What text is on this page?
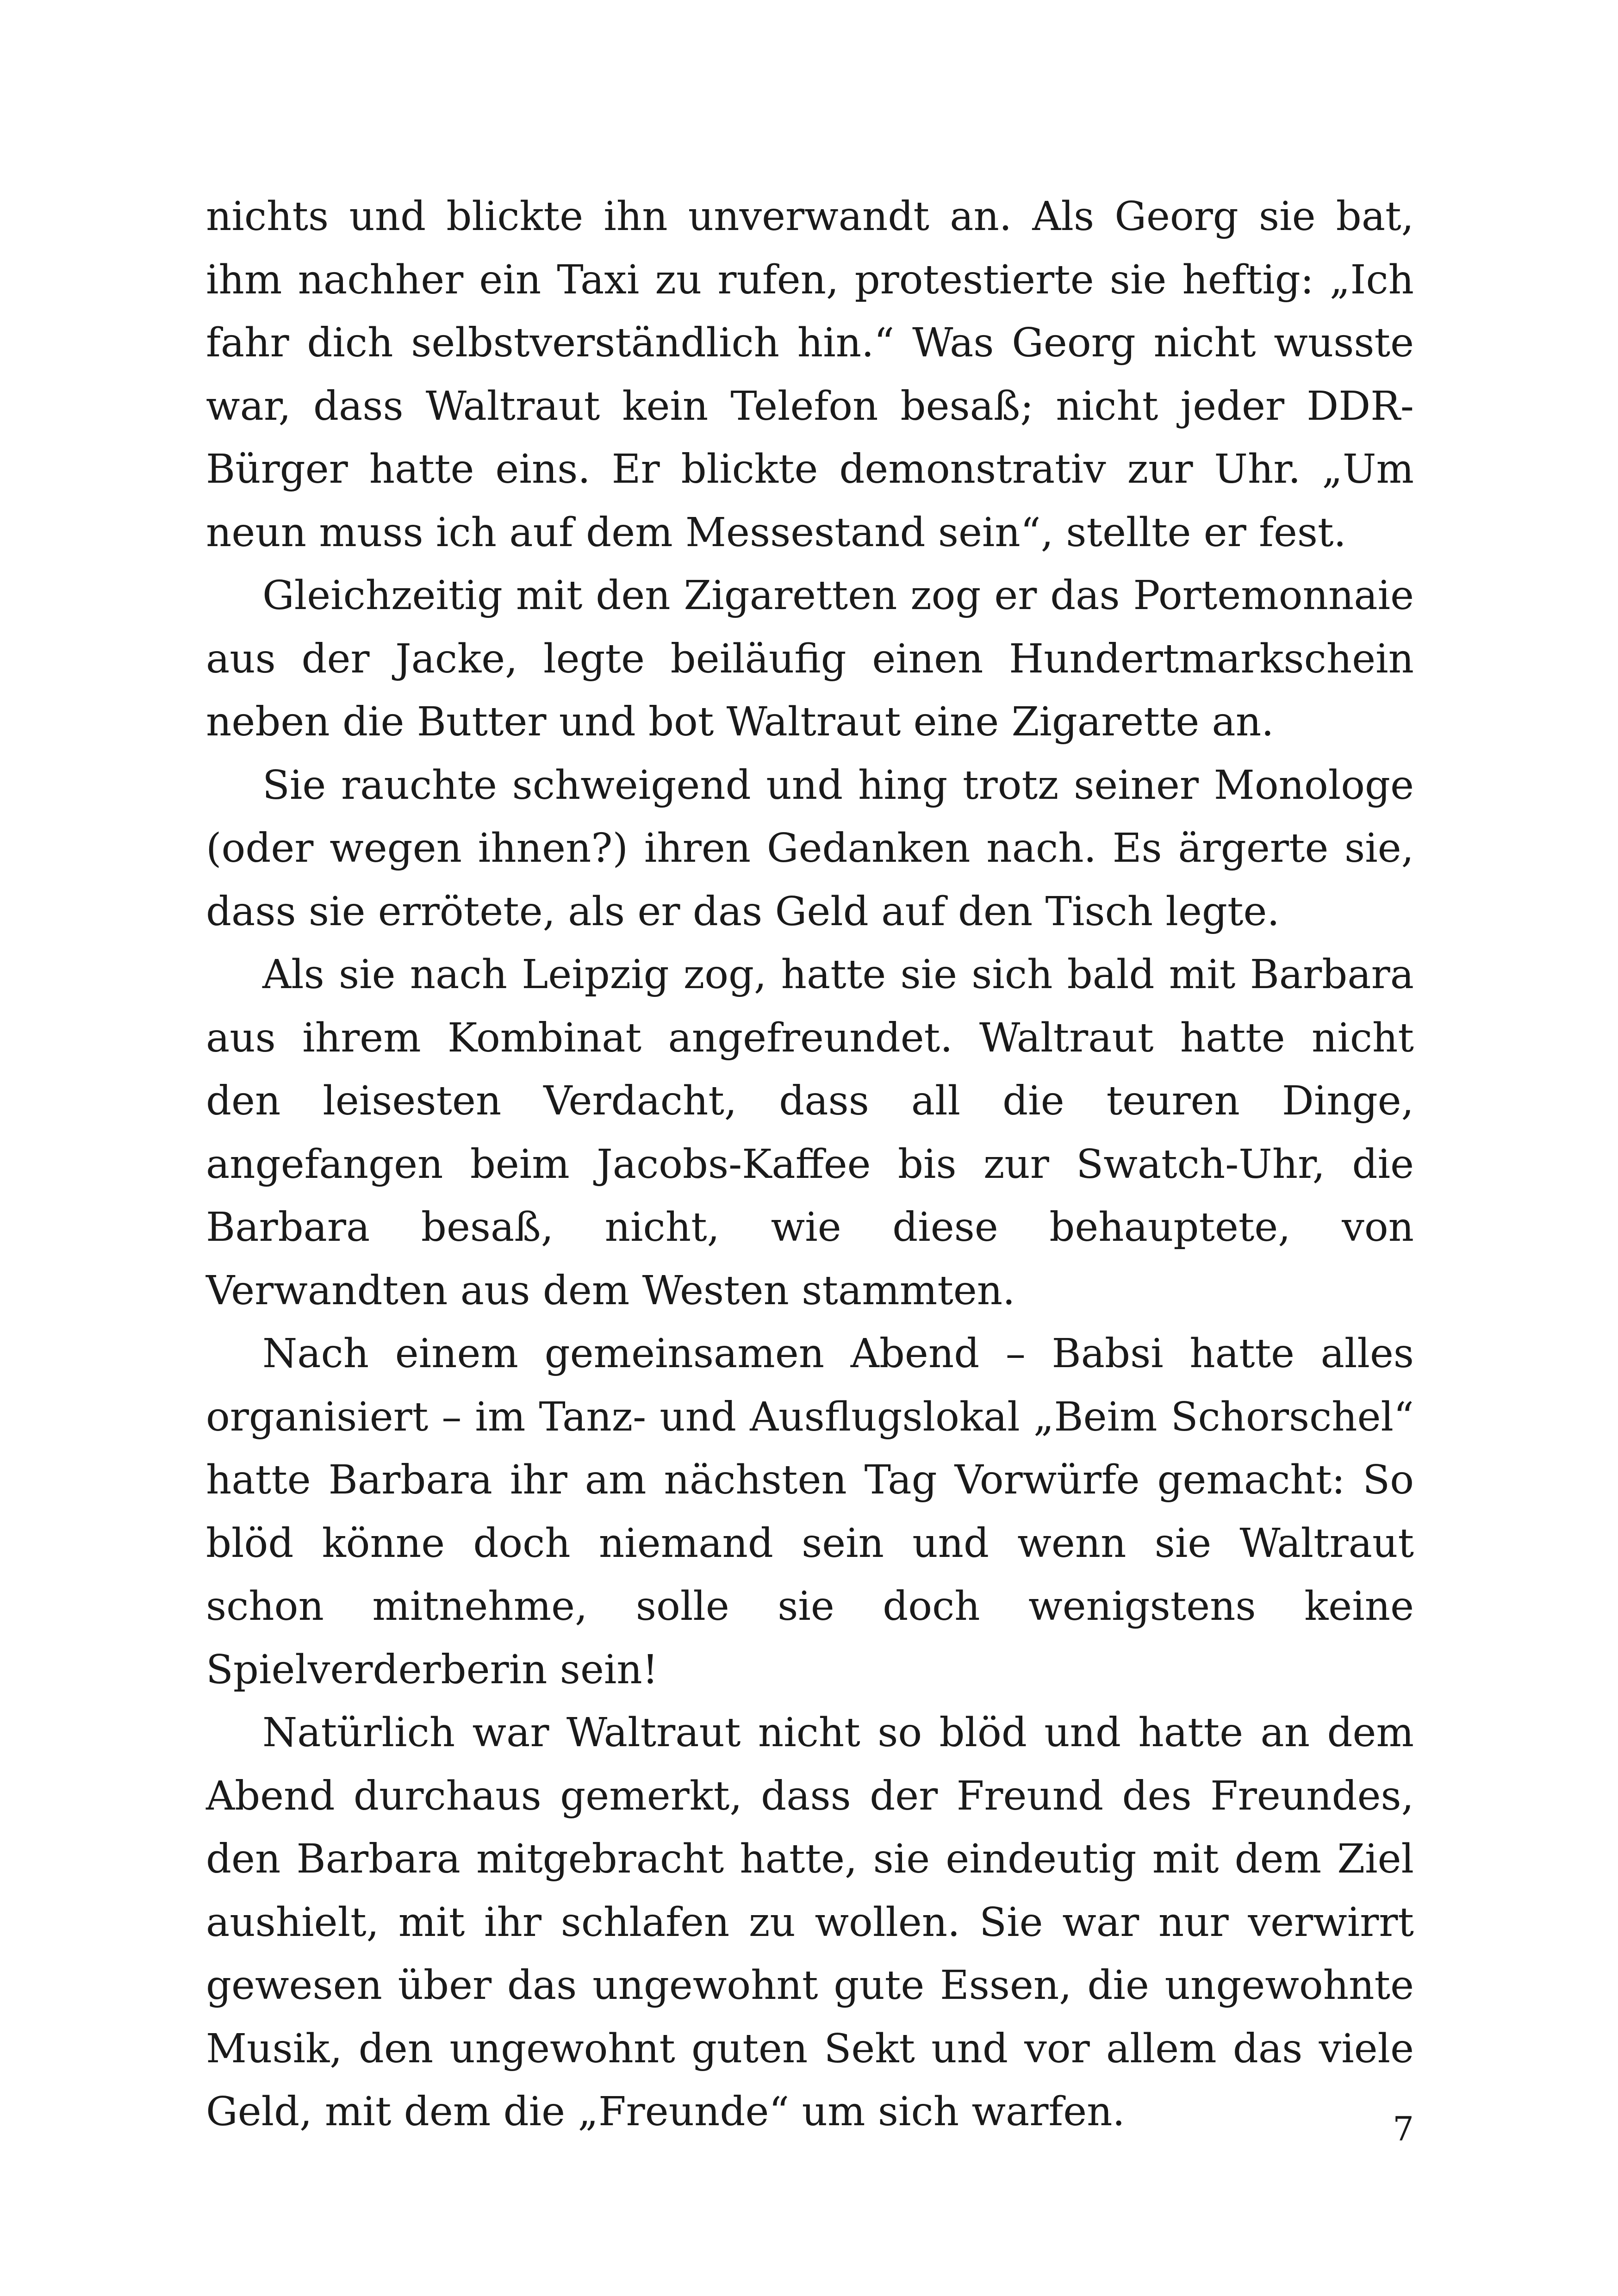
nichts und blickte ihn unverwandt an. Als Georg sie bat, ihm nachher ein Taxi zu rufen, protestierte sie heftig: „Ich fahr dich selbstverständlich hin.“ Was Georg nicht wusste war, dass Waltraut kein Telefon besaß; nicht jeder DDR-Bürger hatte eins. Er blickte demonstrativ zur Uhr. „Um neun muss ich auf dem Messestand sein“, stellte er fest.

Gleichzeitig mit den Zigaretten zog er das Portemonnaie aus der Jacke, legte beiläufig einen Hundertmarkschein neben die Butter und bot Waltraut eine Zigarette an.

Sie rauchte schweigend und hing trotz seiner Monologe (oder wegen ihnen?) ihren Gedanken nach. Es ärgerte sie, dass sie errötete, als er das Geld auf den Tisch legte.

Als sie nach Leipzig zog, hatte sie sich bald mit Barbara aus ihrem Kombinat angefreundet. Waltraut hatte nicht den leisesten Verdacht, dass all die teuren Dinge, angefangen beim Jacobs-Kaffee bis zur Swatch-Uhr, die Barbara besaß, nicht, wie diese behauptete, von Verwandten aus dem Westen stammten.

Nach einem gemeinsamen Abend – Babsi hatte alles organisiert – im Tanz- und Ausflugslokal „Beim Schorschel“ hatte Barbara ihr am nächsten Tag Vorwürfe gemacht: So blöd könne doch niemand sein und wenn sie Waltraut schon mitnehme, solle sie doch wenigstens keine Spielverderberin sein!

Natürlich war Waltraut nicht so blöd und hatte an dem Abend durchaus gemerkt, dass der Freund des Freundes, den Barbara mitgebracht hatte, sie eindeutig mit dem Ziel aushielt, mit ihr schlafen zu wollen. Sie war nur verwirrt gewesen über das ungewohnt gute Essen, die ungewohnte Musik, den ungewohnt guten Sekt und vor allem das viele Geld, mit dem die „Freunde“ um sich warfen.	7
